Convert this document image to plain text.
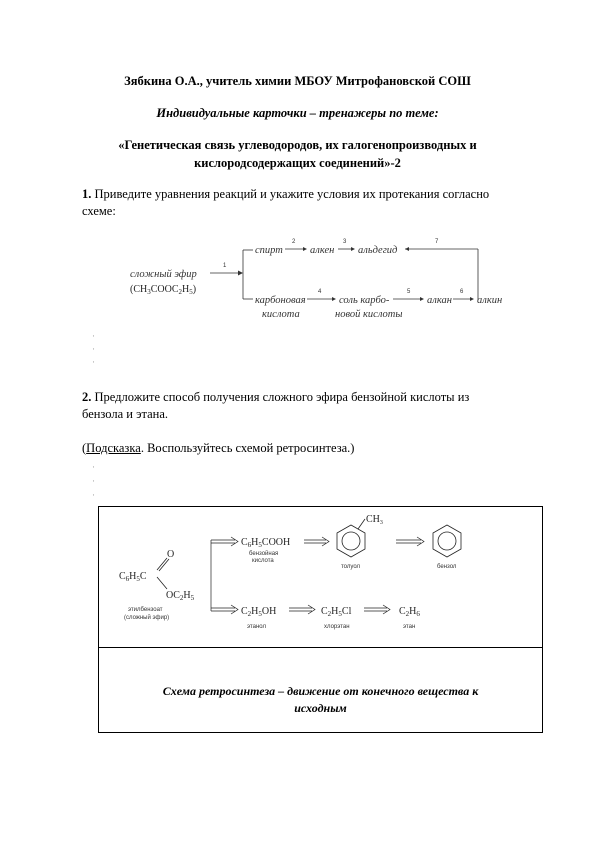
Зябкина О.А., учитель химии МБОУ Митрофановской СОШ
Индивидуальные карточки – тренажеры по теме:
«Генетическая связь углеводородов, их галогенопроизводных и
кислородсодержащих соединений»-2
1. Приведите уравнения реакций и укажите условия их протекания согласно
схеме:
сложный эфир
$(CH_3COOC_2H_5)$
1
спирт
2
алкен
3
альдегид
7
карбоновая
кислота
4
соль карбо-
новой кислоты
5
алкан
6
алкин
·
·
·
2. Предложите способ получения сложного эфира бензойной кислоты из
бензола и этана.
(Подсказка. Воспользуйтесь схемой ретросинтеза.)
·
·
·
$C_6H_5C$
O
$OC_2H_5$
этилбензоат
(сложный эфир)
$C_6H_5COOH$
бензойная
кислота
$CH_3$
толуол	бензол
$C_2H_5OH$
этанол
$C_2H_5Cl$
хлорэтан
$C_2H_6$
этан
Схема ретросинтеза – движение от конечного вещества к
исходным
